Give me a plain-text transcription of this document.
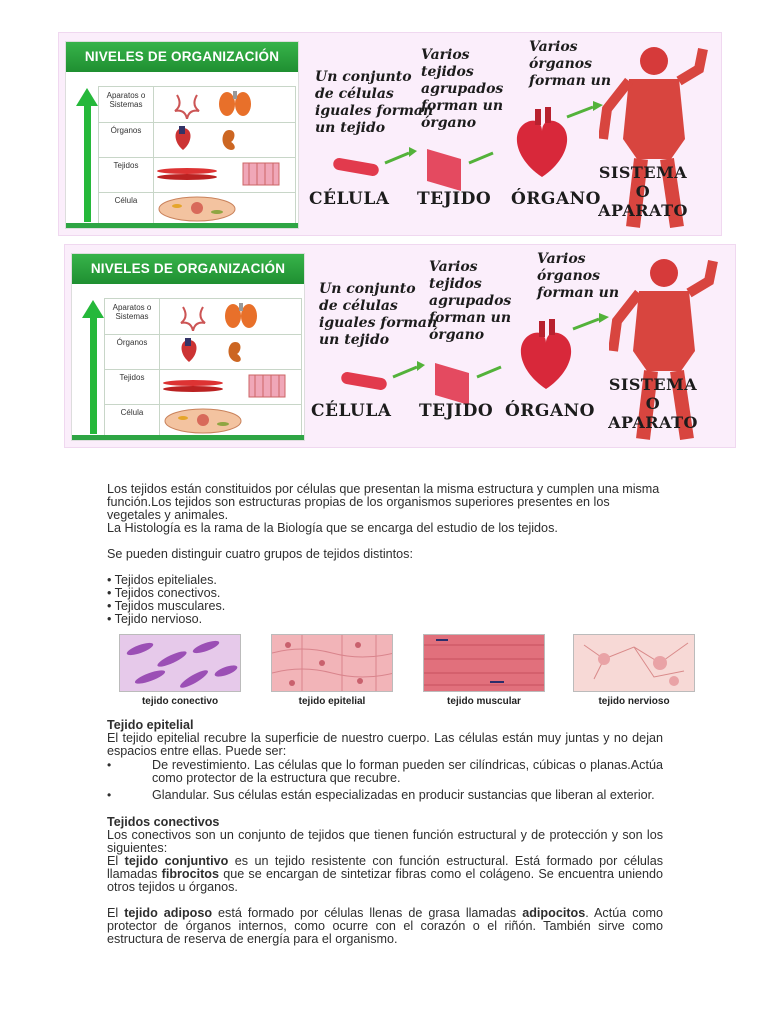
NIVELES DE ORGANIZACIÓN
Aparatos o Sistemas
Órganos
Tejidos
Célula
Un conjunto de células iguales forman un tejido
Varios tejidos agrupados forman un órgano
Varios órganos forman un
CÉLULA TEJIDO ÓRGANO
SISTEMA
O
APARATO
NIVELES DE ORGANIZACIÓN
Aparatos o Sistemas
Órganos
Tejidos
Célula
Un conjunto de células iguales forman un tejido
Varios tejidos agrupados forman un órgano
Varios órganos forman un
CÉLULA TEJIDO ÓRGANO
SISTEMA
O
APARATO

Los tejidos están constituidos por células que presentan la misma estructura y cumplen una misma función.Los tejidos son estructuras propias de los organismos superiores presentes en los vegetales y animales.

La Histología es la rama de la Biología que se encarga del estudio de los tejidos.

Se pueden distinguir cuatro grupos de tejidos distintos:

• Tejidos epiteliales.
• Tejidos conectivos.
• Tejidos musculares.
• Tejido nervioso.
tejido conectivo	tejido epitelial	tejido muscular	tejido nervioso

Tejido epitelial

El tejido epitelial recubre la superficie de nuestro cuerpo. Las células están muy juntas y no dejan espacios entre ellas. Puede ser:

•	De revestimiento. Las células que lo forman pueden ser cilíndricas, cúbicas o planas.Actúa como protector de la estructura que recubre.
•	Glandular. Sus células están especializadas en producir sustancias que liberan al exterior.

Tejidos conectivos

Los conectivos son un conjunto de tejidos que tienen función estructural y de protección y son los siguientes:

El tejido conjuntivo es un tejido resistente con función estructural. Está formado por células llamadas fibrocitos que se encargan de sintetizar fibras como el colágeno. Se encuentra uniendo otros tejidos u órganos.

El tejido adiposo está formado por células llenas de grasa llamadas adipocitos. Actúa como protector de órganos internos, como ocurre con el corazón o el riñón. También sirve como estructura de reserva de energía para el organismo.
